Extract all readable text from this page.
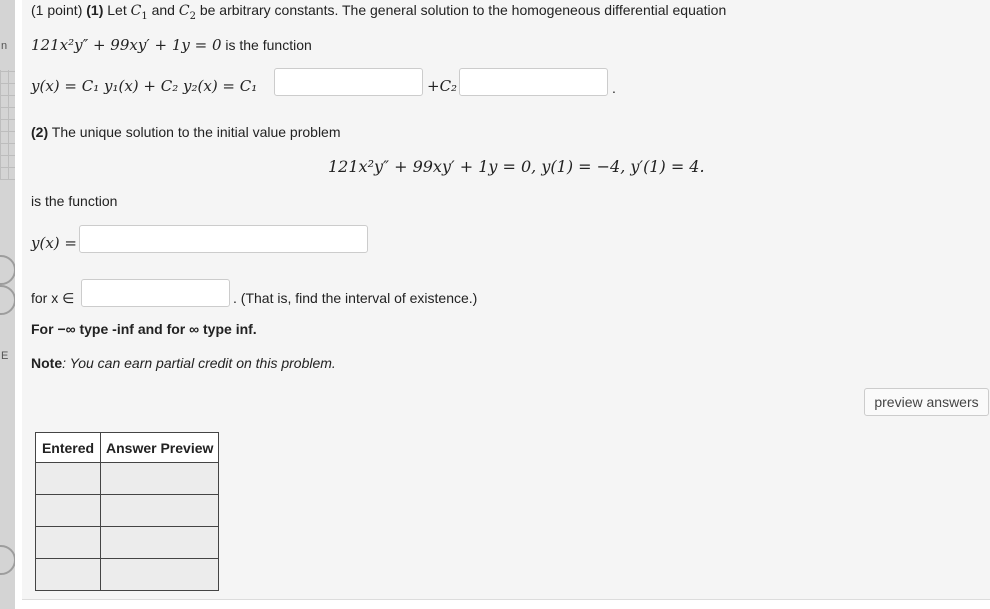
n
E
(1 point) (1) Let $C_1$ and $C_2$ be arbitrary constants. The general solution to the homogeneous differential equation
121x²y″ + 99xy′ + 1y = 0 is the function
y(x) = C₁ y₁(x) + C₂ y₂(x) = C₁	+C₂	.
(2) The unique solution to the initial value problem
121x²y″ + 99xy′ + 1y = 0, y(1) = −4, y′(1) = 4.
is the function
y(x) =
for x ∈	. (That is, find the interval of existence.)
For −∞ type -inf and for ∞ type inf.
Note: You can earn partial credit on this problem.
preview answers
Entered	Answer Preview
